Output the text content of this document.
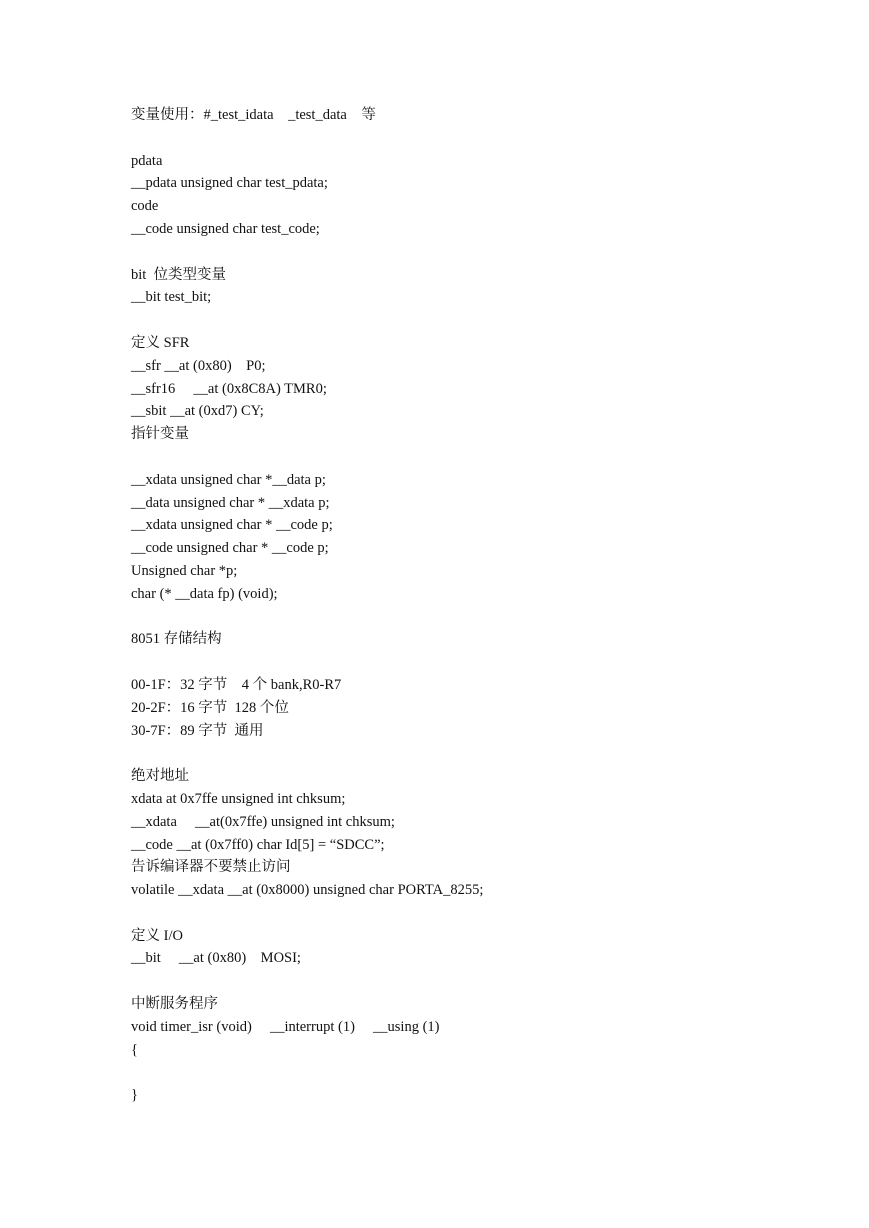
变量使用：#_test_idata    _test_data    等
pdata
__pdata unsigned char test_pdata;
code
__code unsigned char test_code;
bit  位类型变量
__bit test_bit;
定义 SFR
__sfr __at (0x80)    P0;
__sfr16     __at (0x8C8A) TMR0;
__sbit __at (0xd7) CY;
指针变量
__xdata unsigned char *__data p;
__data unsigned char * __xdata p;
__xdata unsigned char * __code p;
__code unsigned char * __code p;
Unsigned char *p;
char (* __data fp) (void);
8051 存储结构
00-1F：32 字节    4 个 bank,R0-R7
20-2F：16 字节  128 个位
30-7F：89 字节  通用
绝对地址
xdata at 0x7ffe unsigned int chksum;
__xdata     __at(0x7ffe) unsigned int chksum;
__code __at (0x7ff0) char Id[5] = “SDCC”;
告诉编译器不要禁止访问
volatile __xdata __at (0x8000) unsigned char PORTA_8255;
定义 I/O
__bit     __at (0x80)    MOSI;
中断服务程序
void timer_isr (void)     __interrupt (1)     __using (1)
{
}
